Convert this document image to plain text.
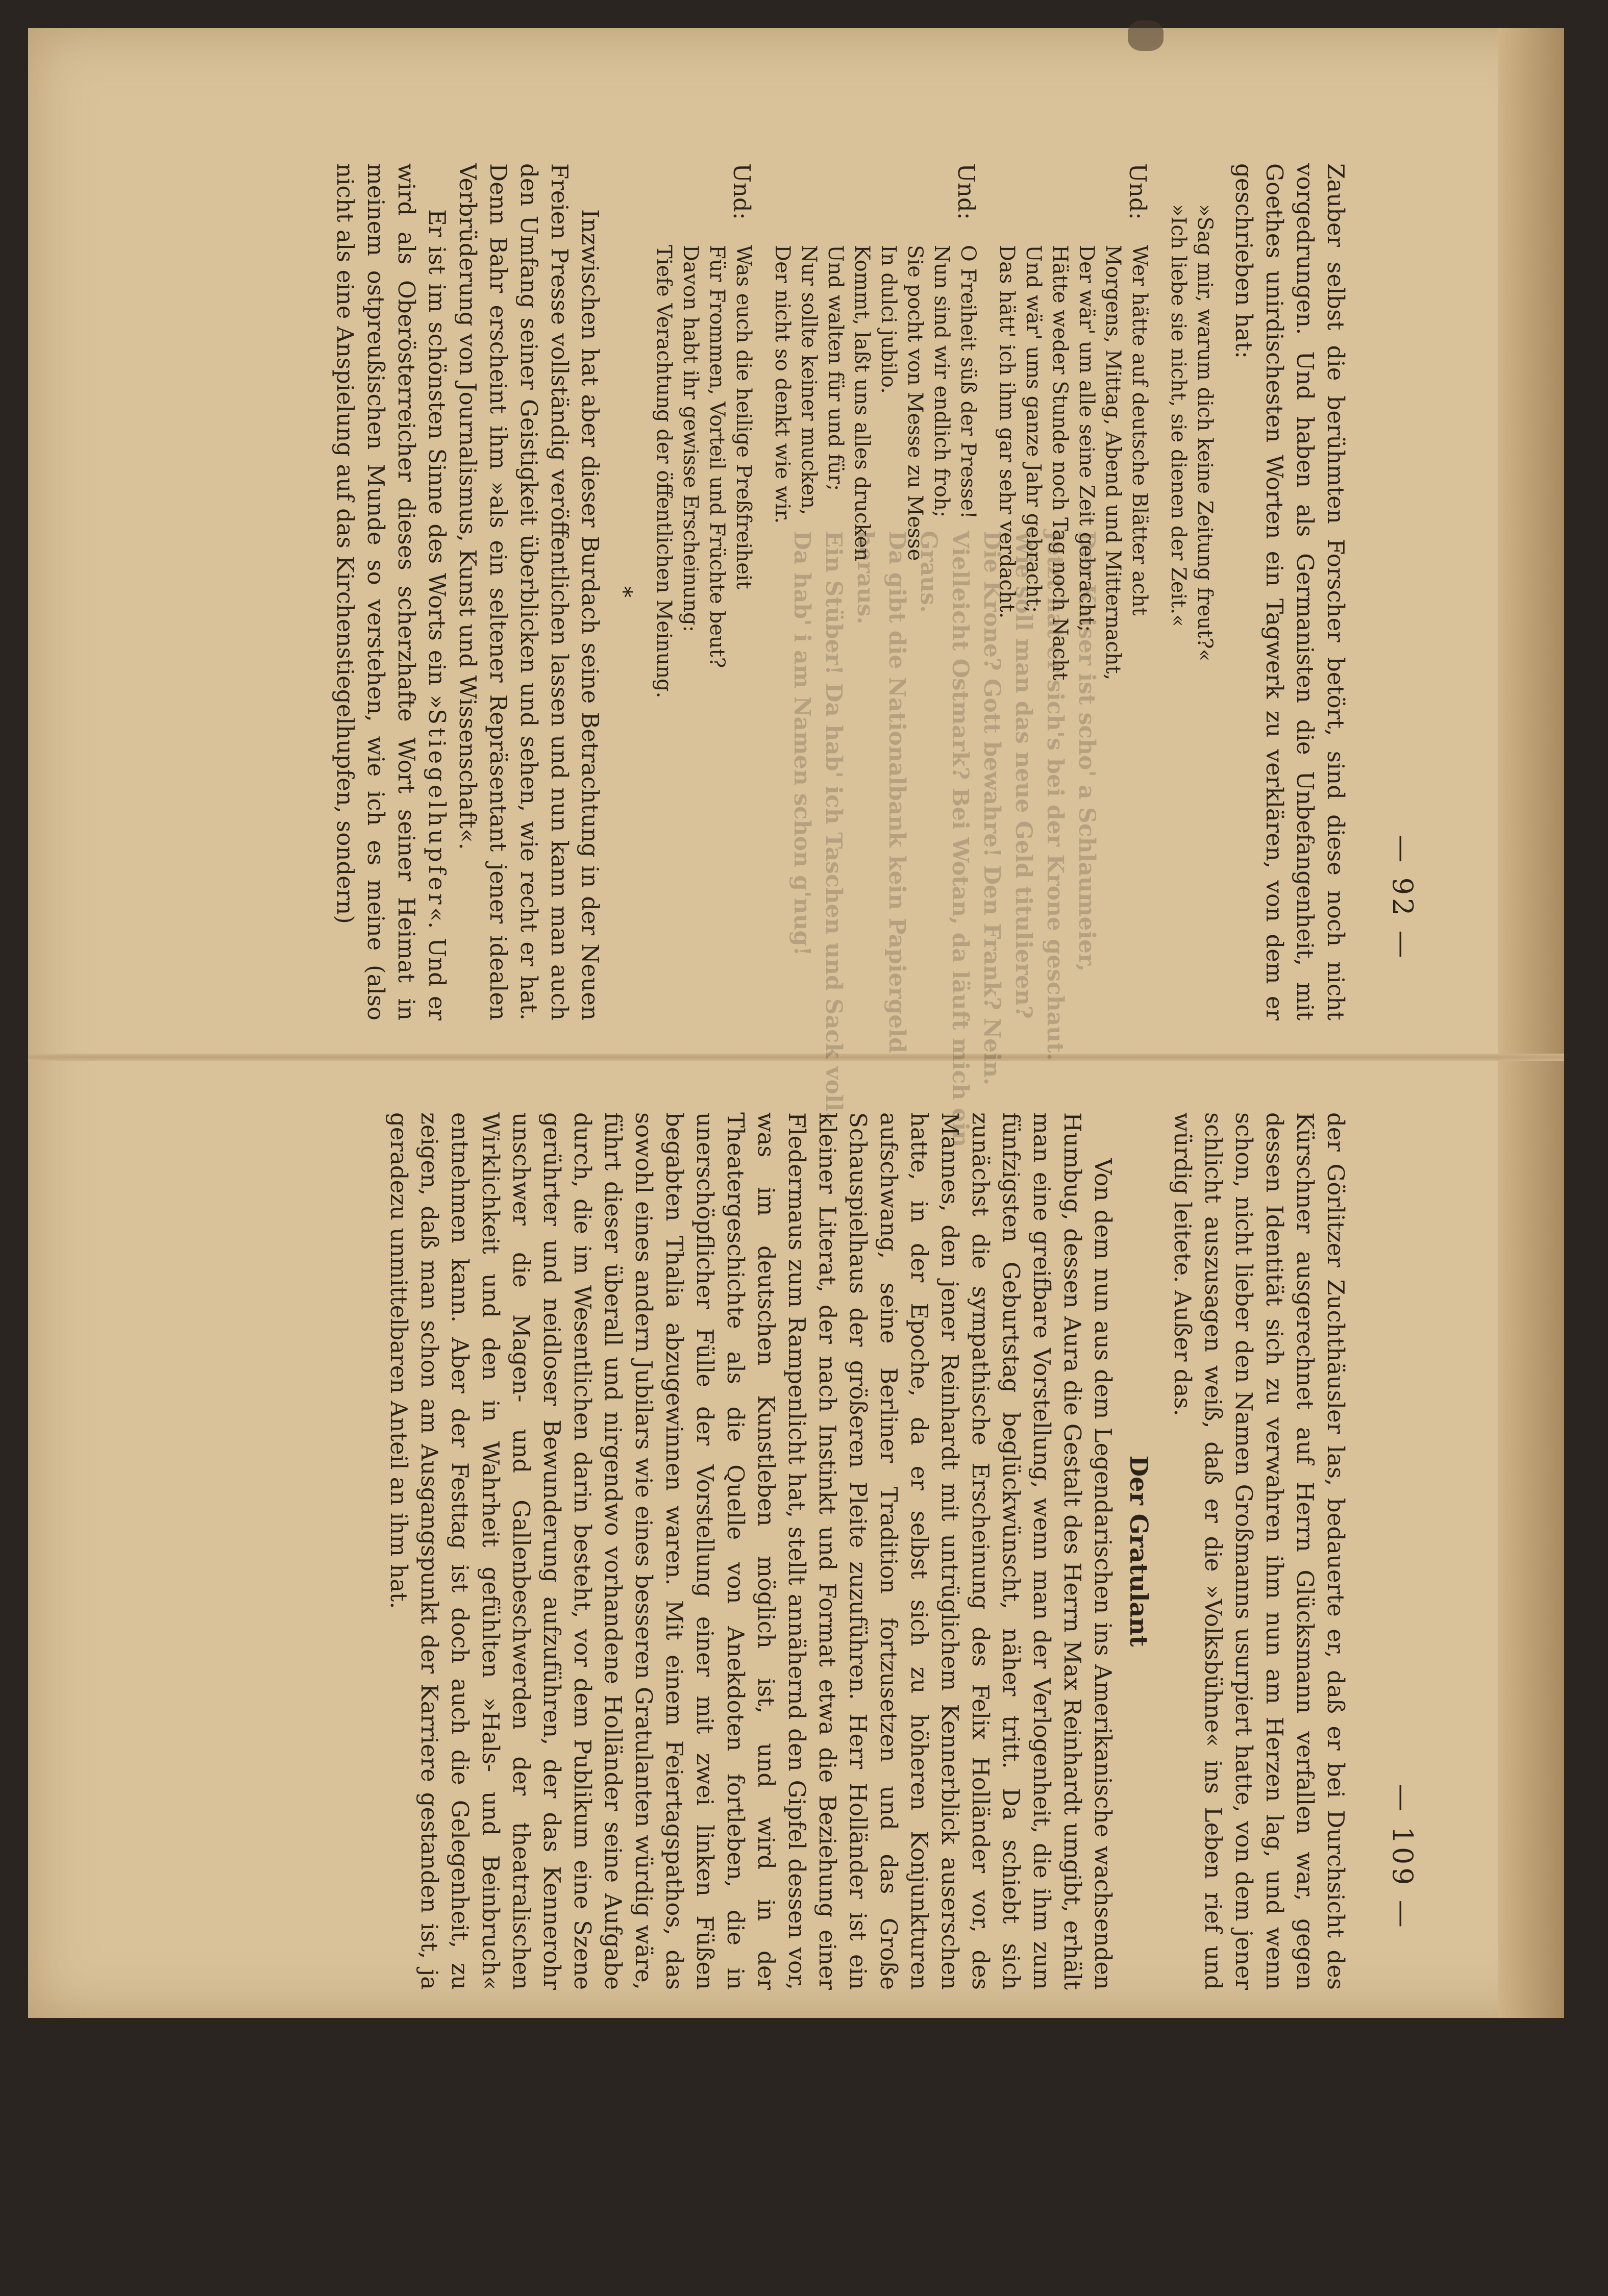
— 92 —

Zauber selbst die berühmten Forscher betört, sind diese noch nicht vorgedrungen. Und haben als Germanisten die Unbefangenheit, mit Goethes unirdischesten Worten ein Tagwerk zu verklären, von dem er geschrieben hat:

»Sag mir, warum dich keine Zeitung freut?«
»Ich liebe sie nicht, sie dienen der Zeit.«
Und:
Wer hätte auf deutsche Blätter acht
Morgens, Mittag, Abend und Mitternacht,
Der wär' um alle seine Zeit gebracht;
Hätte weder Stunde noch Tag noch Nacht
Und wär' ums ganze Jahr gebracht;
Das hätt' ich ihm gar sehr verdacht.
Und:
O Freiheit süß der Presse!
Nun sind wir endlich froh;
Sie pocht von Messe zu Messe
In dulci jubilo.
Kommt, laßt uns alles drucken
Und walten für und für;
Nur sollte keiner mucken,
Der nicht so denkt wie wir.
Und:
Was euch die heilige Preßfreiheit
Für Frommen, Vorteil und Früchte beut?
Davon habt ihr gewisse Erscheinung:
Tiefe Verachtung der öffentlichen Meinung.
*

Inzwischen hat aber dieser Burdach seine Betrachtung in der Neuen Freien Presse vollständig veröffentlichen lassen und nun kann man auch den Umfang seiner Geistigkeit überblicken und sehen, wie recht er hat. Denn Bahr erscheint ihm »als ein seltener Repräsentant jener idealen Verbrüderung von Journalismus, Kunst und Wissenschaft«.

Er ist im schönsten Sinne des Worts ein »Stiegelhupfer«. Und er wird als Oberösterreicher dieses scherzhafte Wort seiner Heimat in meinem ostpreußischen Munde so verstehen, wie ich es meine (also nicht als eine Anspielung auf das Kirchenstiegelhupfen, sondern)

— 109 —

der Görlitzer Zuchthäusler las, bedauerte er, daß er bei Durchsicht des Kürschner ausgerechnet auf Herrn Glücksmann verfallen war, gegen dessen Identität sich zu verwahren ihm nun am Herzen lag, und wenn schon, nicht lieber den Namen Großmanns usurpiert hatte, von dem jener schlicht auszusagen weiß, daß er die »Volksbühne« ins Leben rief und würdig leitete. Außer das.

Der Gratulant

Von dem nun aus dem Legendarischen ins Amerikanische wachsenden Humbug, dessen Aura die Gestalt des Herrn Max Reinhardt umgibt, erhält man eine greifbare Vorstellung, wenn man der Verlogenheit, die ihm zum fünfzigsten Geburtstag beglückwünscht, näher tritt. Da schiebt sich zunächst die sympathische Erscheinung des Felix Holländer vor, des Mannes, den jener Reinhardt mit untrüglichem Kennerblick auserschen hatte, in der Epoche, da er selbst sich zu höheren Konjunkturen aufschwang, seine Berliner Tradition fortzusetzen und das Große Schauspielhaus der größeren Pleite zuzuführen. Herr Holländer ist ein kleiner Literat, der nach Instinkt und Format etwa die Beziehung einer Fledermaus zum Rampenlicht hat, stellt annähernd den Gipfel dessen vor, was im deutschen Kunstleben möglich ist, und wird in der Theatergeschichte als die Quelle von Anekdoten fortleben, die in unerschöpflicher Fülle der Vorstellung einer mit zwei linken Füßen begabten Thalia abzugewinnen waren. Mit einem Feiertagspathos, das sowohl eines andern Jubilars wie eines besseren Gratulanten würdig wäre, führt dieser überall und nirgendwo vorhandene Holländer seine Aufgabe durch, die im Wesentlichen darin besteht, vor dem Publikum eine Szene gerührter und neidloser Bewunderung aufzuführen, der das Kennerohr unschwer die Magen- und Gallenbeschwerden der theatralischen Wirklichkeit und den in Wahrheit gefühlten »Hals- und Beinbruch« entnehmen kann. Aber der Festtag ist doch auch die Gelegenheit, zu zeigen, daß man schon am Ausgangspunkt der Karriere gestanden ist, ja geradezu unmittelbaren Anteil an ihm hat.

Der Kaiser ist scho' a Schlaumeier,
Jetzt hat er sich's bei der Krone geschaut.
Wie soll man das neue Geld titulieren?
Die Krone? Gott bewahre! Den Frank? Nein.
Vielleicht Ostmark? Bei Wotan, da läuft mich ein Graus.
Da gibt die Nationalbank kein Papiergeld heraus.
Ein Stüber! Da hab' ich Taschen und Sack voll.
Da hab' i am Namen schon g'nug!
